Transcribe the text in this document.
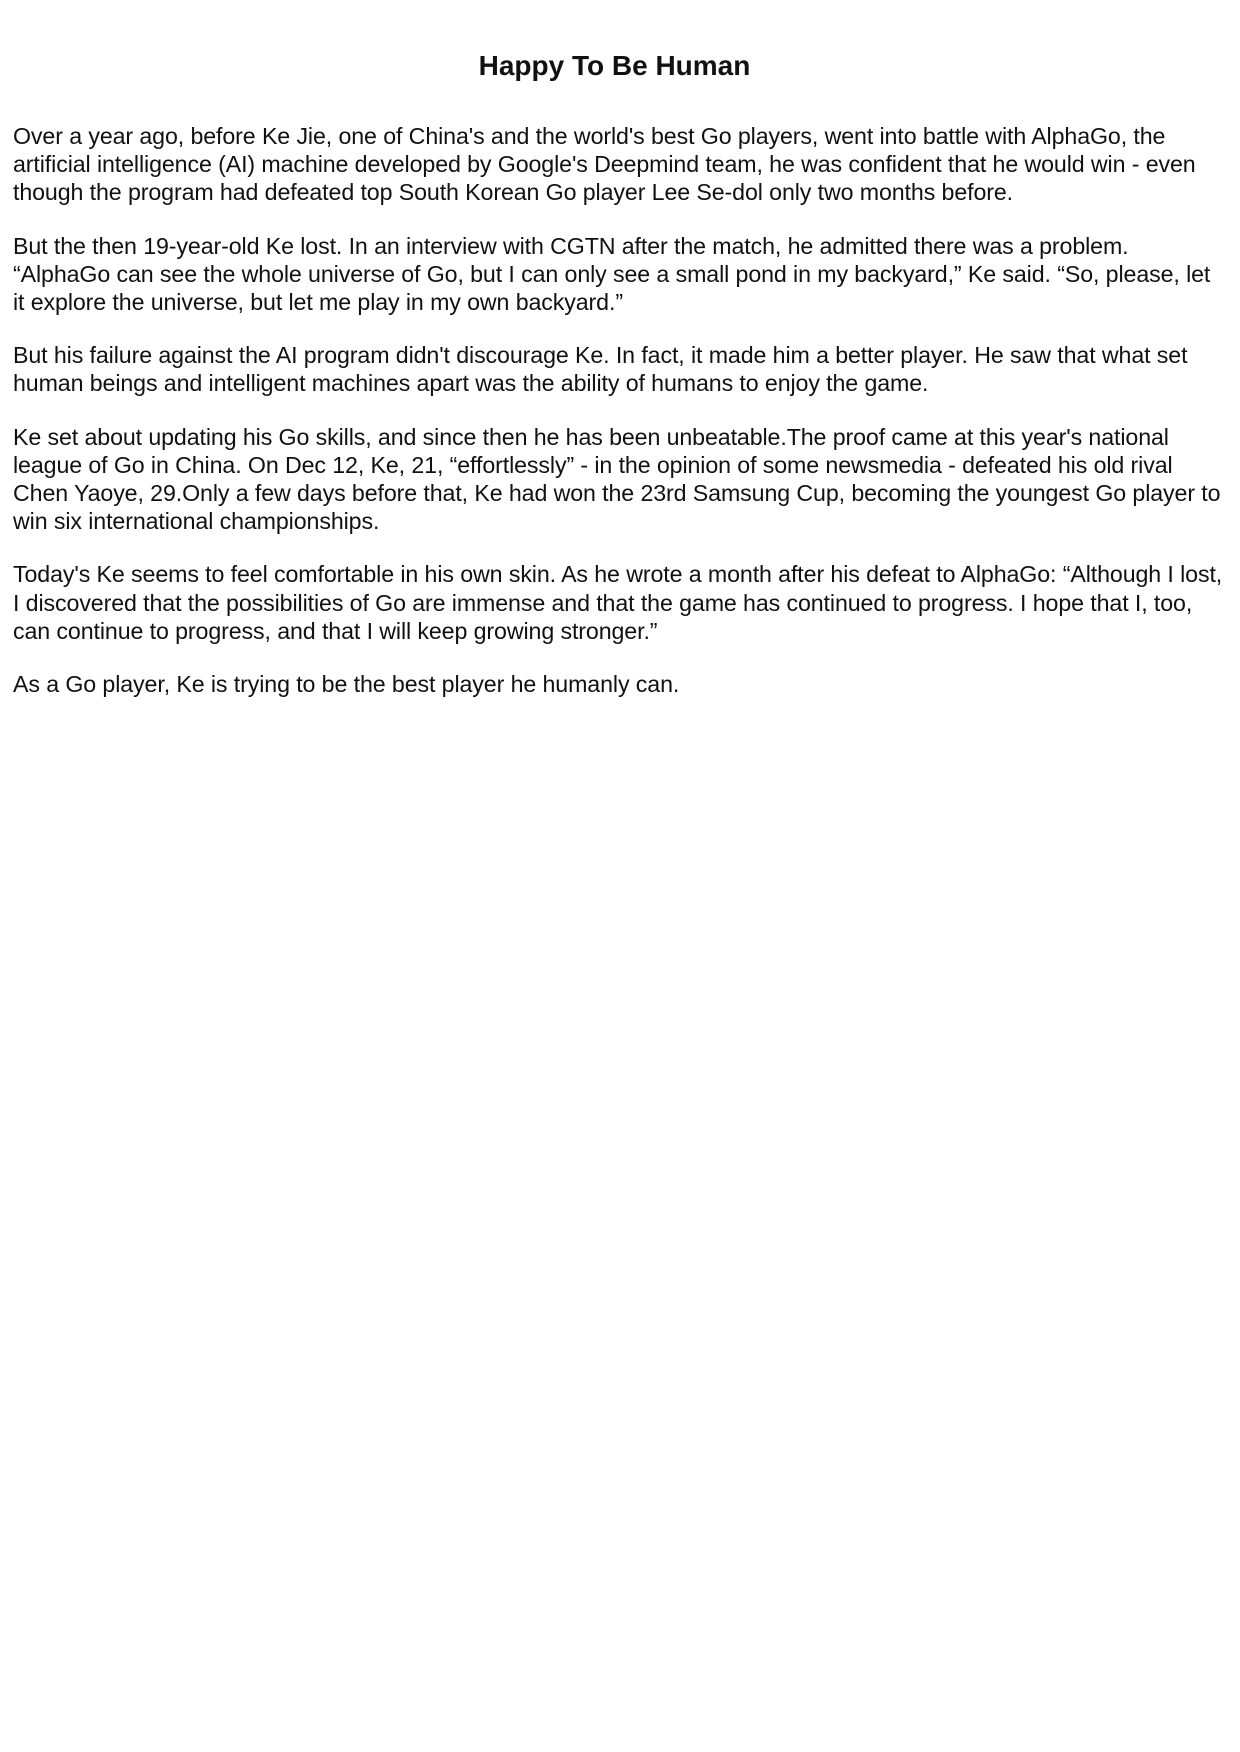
Happy To Be Human

Over a year ago, before Ke Jie, one of China's and the world's best Go players, went into battle with AlphaGo, the artificial intelligence (AI) machine developed by Google's Deepmind team, he was confident that he would win - even though the program had defeated top South Korean Go player Lee Se-dol only two months before.

But the then 19-year-old Ke lost. In an interview with CGTN after the match, he admitted there was a problem. “AlphaGo can see the whole universe of Go, but I can only see a small pond in my backyard,” Ke said. “So, please, let it explore the universe, but let me play in my own backyard.”

But his failure against the AI program didn't discourage Ke. In fact, it made him a better player. He saw that what set human beings and intelligent machines apart was the ability of humans to enjoy the game.

Ke set about updating his Go skills, and since then he has been unbeatable.The proof came at this year's national league of Go in China. On Dec 12, Ke, 21, “effortlessly” - in the opinion of some newsmedia - defeated his old rival Chen Yaoye, 29.Only a few days before that, Ke had won the 23rd Samsung Cup, becoming the youngest Go player to win six international championships.

Today's Ke seems to feel comfortable in his own skin. As he wrote a month after his defeat to AlphaGo: “Although I lost, I discovered that the possibilities of Go are immense and that the game has continued to progress. I hope that I, too, can continue to progress, and that I will keep growing stronger.”

As a Go player, Ke is trying to be the best player he humanly can.
